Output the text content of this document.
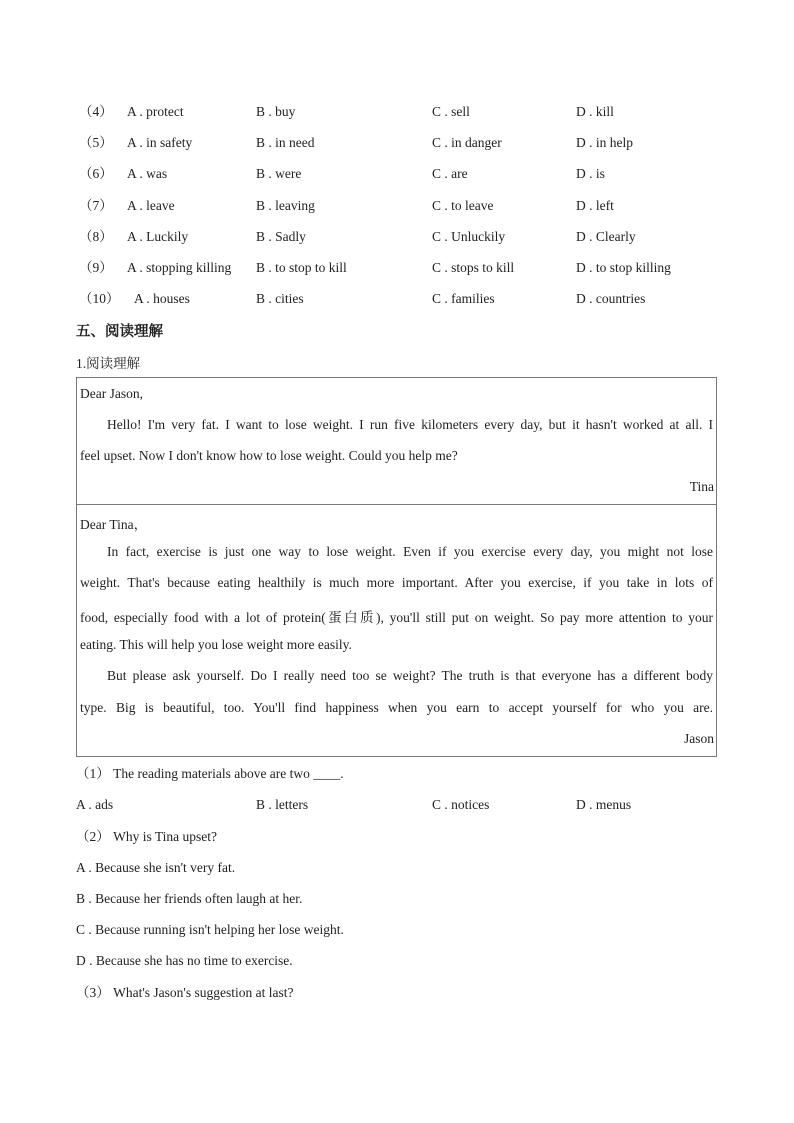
（4） A . protect	B . buy	C . sell	D . kill
（5） A . in safety	B . in need	C . in danger	D . in help
（6） A . was	B . were	C . are	D . is
（7） A . leave	B . leaving	C . to leave	D . left
（8） A . Luckily	B . Sadly	C . Unluckily	D . Clearly
（9） A . stopping killing B . to stop to kill	C . stops to kill	D . to stop killing
（10） A . houses	B . cities	C . families	D . countries
五、阅读理解
1.阅读理解
Dear Jason,
Hello! I'm very fat. I want to lose weight. I run five kilometers every day, but it hasn't worked at all. I
feel upset. Now I don't know how to lose weight. Could you help me?
Tina
Dear Tina，
In fact, exercise is just one way to lose weight. Even if you exercise every day, you might not lose
weight. That's because eating healthily is much more important. After you exercise, if you take in lots of
food, especially food with a lot of protein(蛋白质), you'll still put on weight. So pay more attention to your
eating. This will help you lose weight more easily.
But please ask yourself. Do I really need too se weight? The truth is that everyone has a different body
type. Big is beautiful, too. You'll find happiness when you earn to accept yourself for who you are.
Jason
（1） The reading materials above are two ____.
A . ads	B . letters	C . notices	D . menus
（2） Why is Tina upset?
A . Because she isn't very fat.
B . Because her friends often laugh at her.
C . Because running isn't helping her lose weight.
D . Because she has no time to exercise.
（3） What's Jason's suggestion at last?
